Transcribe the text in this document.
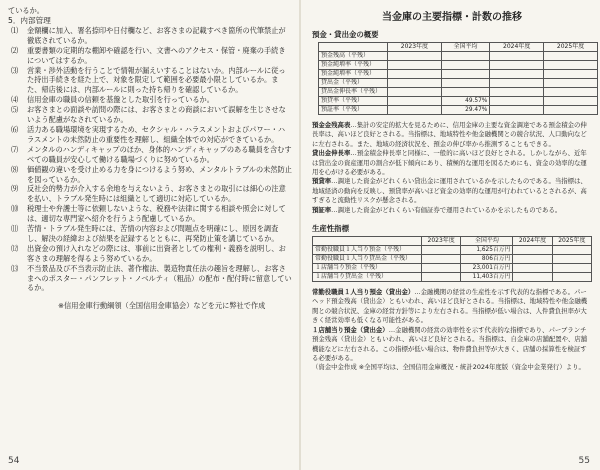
ているか。
5．内部管理
⑴	金額欄に加入、署名捺印や日付欄など、お客さまの記載すべき箇所の代筆禁止が徹底されているか。
⑵	重要書類の定期的な棚卸や確認を行い、文書へのアクセス・保管・廃棄の手続きについてはするか。
⑶	営業・渉外活動を行うことで情報が漏えいすることはないか。内部ルールに従った持出手続きを経た上で、対象を限定して範囲を必要最小限としているか。また、帰店後には、内部ルールに則った持ち帰りを確認しているか。
⑷	信用金庫の職員の信頼を基盤とした取引を行っているか。
⑸	お客さまとの面談や訪問の際には、お客さまとの商談において誤解を生じさせないよう配慮がなされているか。
⑹	活力ある職場環境を実現するため、セクシャル・ハラスメントおよびパワー・ハラスメントの未然防止の重要性を理解し、組織全体での対応ができているか。
⑺	メンタルのハンディキャップのほか、身体的ハンディキャップのある職員を含むすべての職員が安心して働ける職場づくりに努めているか。
⑻	価値観の違いを受け止める力を身につけるよう努め、メンタルトラブルの未然防止を図っているか。
⑼	反社会的勢力が介入する余地を与えないよう、お客さまとの取引には細心の注意を払い、トラブル発生時には組織として適切に対応しているか。
⑽	税理士や弁護士等に依頼しないような、税務や法律に関する相談や照会に対しては、適切な専門家へ紹介を行うよう配慮しているか。
⑾	苦情・トラブル発生時には、苦情の内容および問題点を明確にし、原因を調査し、解決の経緯および結果を記録するとともに、再発防止策を講じているか。
⑿	出資金の預け入れなどの際には、事前に出資者としての権利・義務を説明し、お客さまの理解を得るよう努めているか。
⒀	不当景品及び不当表示防止法、著作権法、製造物責任法の趣旨を理解し、お客さまへのポスター・パンフレット・ノベルティ（粗品）の配布・配付時に留意しているか。
※信用金庫行動綱領（全国信用金庫協会）などを元に弊社で作成
54
当金庫の主要指標・計数の推移
預金・貸出金の概要
	2023年度	全国平均	2024年度	2025年度
預金残高（平残）				
預金純増率（平残）				
預金純増率（平残）				
貸出金（平残）				
貸出金伸長率（平残）				
預貸率（平残）		49.57%		
預証率（平残）		29.47%		
預金金残高表…集計の安定的拡大を見るために、信用金庫の主要な資金調達である預金積金の伸長率は、高いほど良好とされる。当指標は、地域特性や他金融機関との競合状況、人口動向などに左右される。また、地域の経済状況を、預金の伸び率から推測することもできる。
貸出金伸長率…預金積金伸長率と同様に、一般的に高いほど良好とされる。しかしながら、近年は貸出金の資産運用の割合が低下傾向にあり、積極的な運用を図るためにも、資金の効率的な運用を心がける必要がある。
預貸率…調達した資金がどれくらい貸出金に運用されているかを示したものである。当指標は、地域経済の動向を反映し、預貸率が高いほど資金の効率的な運用が行われているとされるが、高すぎると流動性リスクが懸念される。
預証率…調達した資金がどれくらい有価証券で運用されているかを示したものである。
生産性指標
	2023年度	全国平均	2024年度	2025年度
常勤役職員１人当り預金（平残）		1,625百万円		
常勤役職員１人当り貸出金（平残）		806百万円		
１店舗当り預金（平残）		23,001百万円		
１店舗当り貸出金（平残）		11,403百万円		
常勤役職員１人当り預金（貸出金）…金融機関の経営の生産性を示す代表的な指標である。パーヘッド預金残高（貸出金）ともいわれ、高いほど良好とされる。当指標は、地域特性や他金融機関との競合状況、金庫の経営方針等により左右される。当指標が低い場合は、人件費負担率が大きく経営効率も低くなる可能性がある。
１店舗当り預金（貸出金）…金融機関の経営の効率性を示す代表的な指標であり、パーブランチ預金残高（貸出金）ともいわれ、高いほど良好とされる。当指標は、自金庫の店舗配置や、店舗機能などに左右される。この指標が低い場合は、物件費負担等が大きく、店舗の採算性を検証する必要がある。
（資金中金作成 ※全国平均は、全国信用金庫概況・統計2024年度版（資金中金業発行）より。
55
